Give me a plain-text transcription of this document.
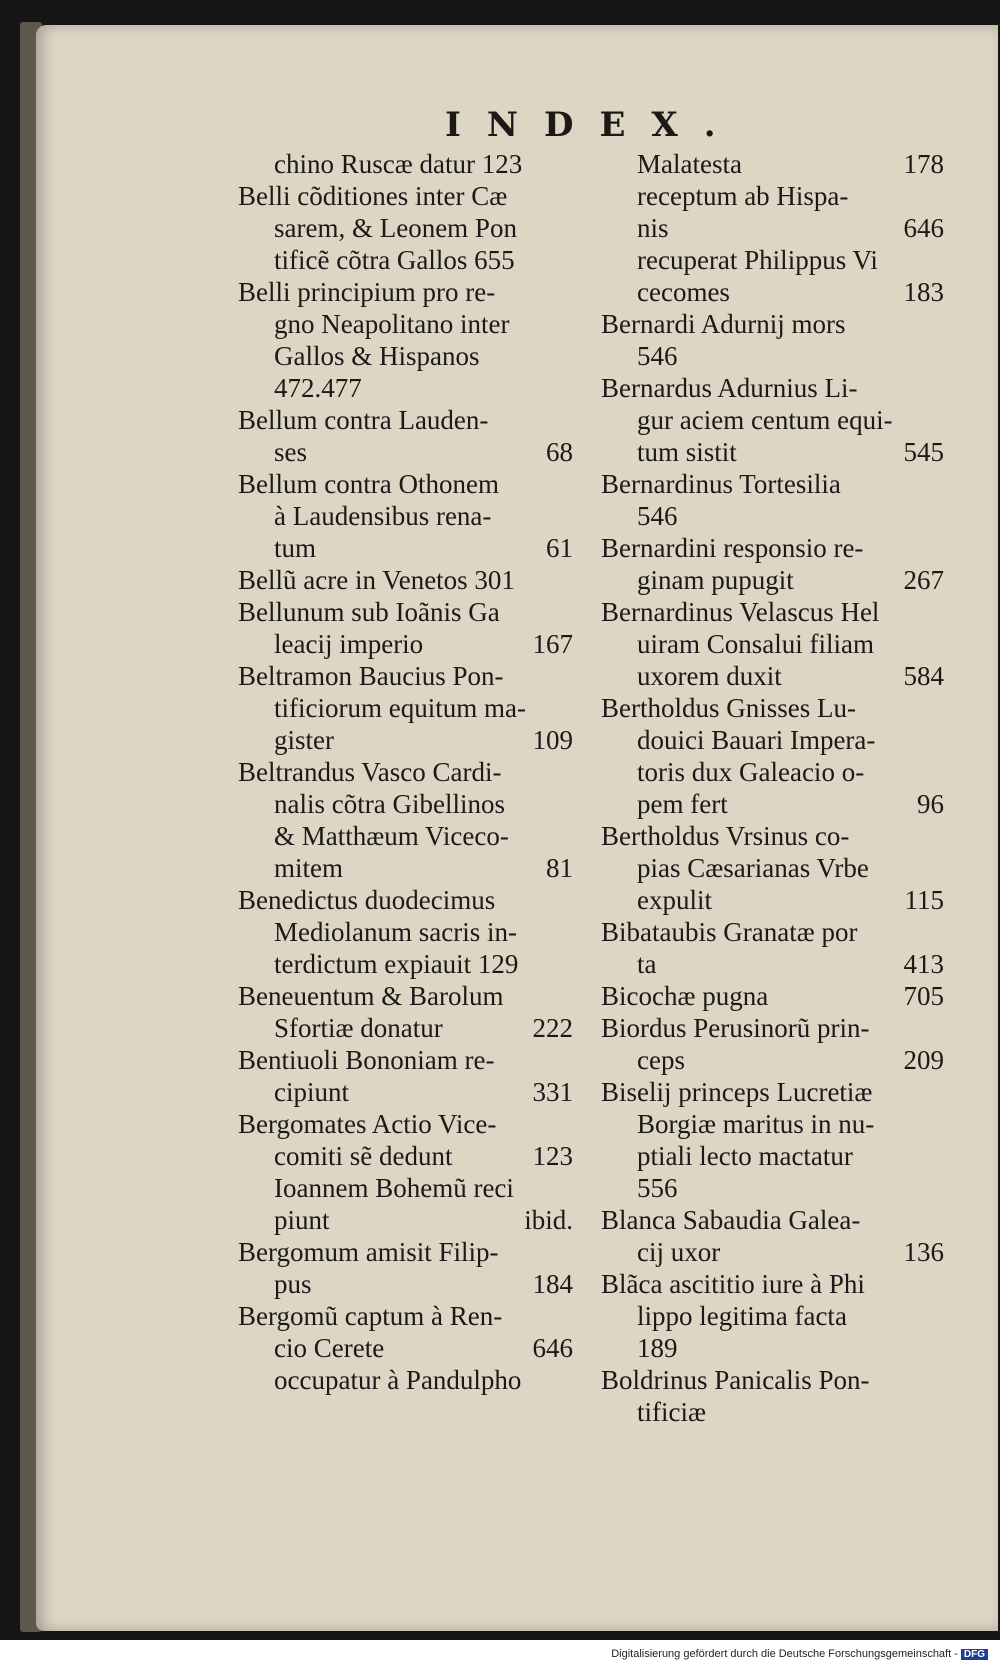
INDEX.
chino Ruscæ datur 123
Belli cõditiones inter Cæ
sarem, & Leonem Pon
tificẽ cõtra Gallos 655
Belli principium pro re-
gno Neapolitano inter
Gallos & Hispanos
472.477
Bellum contra Lauden-
ses	68
Bellum contra Othonem
à Laudensibus rena-
tum	61
Bellũ acre in Venetos 301
Bellunum sub Ioãnis Ga
leacij imperio	167
Beltramon Baucius Pon-
tificiorum equitum ma-
gister	109
Beltrandus Vasco Cardi-
nalis cõtra Gibellinos
& Matthæum Viceco-
mitem	81
Benedictus duodecimus
Mediolanum sacris in-
terdictum expiauit 129
Beneuentum & Barolum
Sfortiæ donatur	222
Bentiuoli Bononiam re-
cipiunt	331
Bergomates Actio Vice-
comiti sẽ dedunt	123
Ioannem Bohemũ reci
piunt	ibid.
Bergomum amisit Filip-
pus	184
Bergomũ captum à Ren-
cio Cerete	646
occupatur à Pandulpho
Malatesta	178
receptum ab Hispa-
nis	646
recuperat Philippus Vi
cecomes	183
Bernardi Adurnij mors
546
Bernardus Adurnius Li-
gur aciem centum equi-
tum sistit	545
Bernardinus Tortesilia
546
Bernardini responsio re-
ginam pupugit	267
Bernardinus Velascus Hel
uiram Consalui filiam
uxorem duxit	584
Bertholdus Gnisses Lu-
douici Bauari Impera-
toris dux Galeacio o-
pem fert	96
Bertholdus Vrsinus co-
pias Cæsarianas Vrbe
expulit	115
Bibataubis Granatæ por
ta	413
Bicochæ pugna	705
Biordus Perusinorũ prin-
ceps	209
Biselij princeps Lucretiæ
Borgiæ maritus in nu-
ptiali lecto mactatur
556
Blanca Sabaudia Galea-
cij uxor	136
Blãca ascititio iure à Phi
lippo legitima facta
189
Boldrinus Panicalis Pon-
tificiæ
Digitalisierung gefördert durch die Deutsche Forschungsgemeinschaft - DFG
